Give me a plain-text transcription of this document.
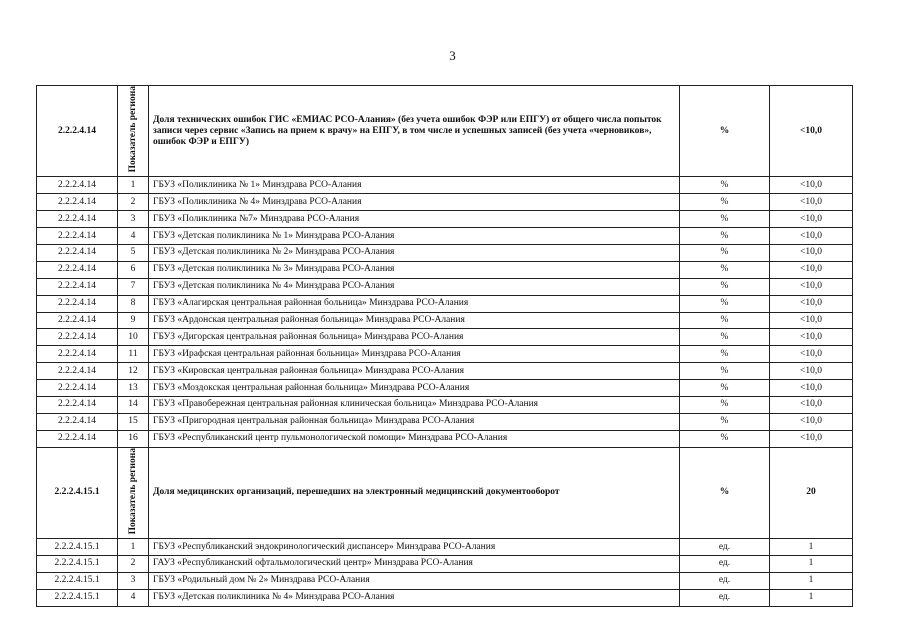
3
2.2.2.4.14	Показатель региона	Доля технических ошибок ГИС «ЕМИАС РСО-Алания» (без учета ошибок ФЭР или ЕПГУ) от общего числа попыток записи через сервис «Запись на прием к врачу» на ЕПГУ, в том числе и успешных записей (без учета «черновиков», ошибок ФЭР и ЕПГУ)	%	<10,0
2.2.2.4.14	1	ГБУЗ «Поликлиника № 1» Минздрава РСО-Алания	%	<10,0
2.2.2.4.14	2	ГБУЗ «Поликлиника № 4» Минздрава РСО-Алания	%	<10,0
2.2.2.4.14	3	ГБУЗ «Поликлиника №7» Минздрава РСО-Алания	%	<10,0
2.2.2.4.14	4	ГБУЗ «Детская поликлиника № 1» Минздрава РСО-Алания	%	<10,0
2.2.2.4.14	5	ГБУЗ «Детская поликлиника № 2» Минздрава РСО-Алания	%	<10,0
2.2.2.4.14	6	ГБУЗ «Детская поликлиника № 3» Минздрава РСО-Алания	%	<10,0
2.2.2.4.14	7	ГБУЗ «Детская поликлиника № 4» Минздрава РСО-Алания	%	<10,0
2.2.2.4.14	8	ГБУЗ «Алагирская центральная районная больница» Минздрава РСО-Алания	%	<10,0
2.2.2.4.14	9	ГБУЗ «Ардонская центральная районная больница» Минздрава РСО-Алания	%	<10,0
2.2.2.4.14	10	ГБУЗ «Дигорская центральная районная больница» Минздрава РСО-Алания	%	<10,0
2.2.2.4.14	11	ГБУЗ «Ирафская центральная районная больница» Минздрава РСО-Алания	%	<10,0
2.2.2.4.14	12	ГБУЗ «Кировская центральная районная больница» Минздрава РСО-Алания	%	<10,0
2.2.2.4.14	13	ГБУЗ «Моздокская центральная районная больница» Минздрава РСО-Алания	%	<10,0
2.2.2.4.14	14	ГБУЗ «Правобережная центральная районная клиническая больница» Минздрава РСО-Алания	%	<10,0
2.2.2.4.14	15	ГБУЗ «Пригородная центральная районная больница» Минздрава РСО-Алания	%	<10,0
2.2.2.4.14	16	ГБУЗ «Республиканский центр пульмонологической помощи» Минздрава РСО-Алания	%	<10,0
2.2.2.4.15.1	Показатель региона	Доля медицинских организаций, перешедших на электронный медицинский документооборот	%	20
2.2.2.4.15.1	1	ГБУЗ «Республиканский эндокринологический диспансер» Минздрава РСО-Алания	ед.	1
2.2.2.4.15.1	2	ГАУЗ «Республиканский офтальмологический центр» Минздрава РСО-Алания	ед.	1
2.2.2.4.15.1	3	ГБУЗ «Родильный дом № 2» Минздрава РСО-Алания	ед.	1
2.2.2.4.15.1	4	ГБУЗ «Детская поликлиника № 4» Минздрава РСО-Алания	ед.	1
